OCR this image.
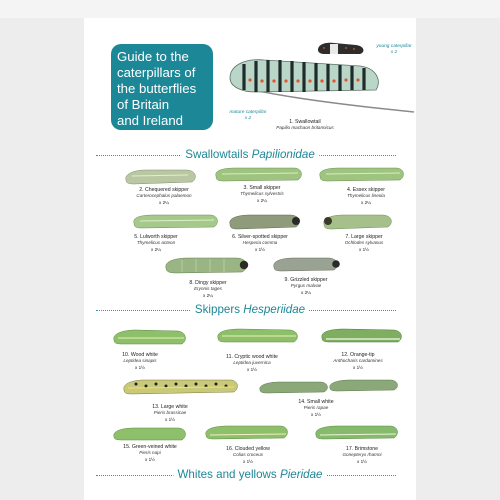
Guide to the
caterpillars of
the butterflies
of Britain
and Ireland
young caterpillar
x 2
mature caterpillar
x 2
1. Swallowtail
Papilio machaon britannicus
Swallowtails Papilionidae
2. Chequered skipper
Carterocephalus palaemon
x 2¼
3. Small skipper
Thymelicus sylvestris
x 2¼
4. Essex skipper
Thymelicus lineola
x 2¼
5. Lulworth skipper
Thymelicus acteon
x 2¼
6. Silver-spotted skipper
Hesperia comma
x 1½
7. Large skipper
Ochlodes sylvanus
x 1½
8. Dingy skipper
Erynnis tages
x 2¼
9. Grizzled skipper
Pyrgus malvae
x 2¼
Skippers Hesperiidae
10. Wood white
Leptidea sinapis
x 1½
11. Cryptic wood white
Leptidea juvernica
x 1½
12. Orange-tip
Anthocharis cardamines
x 1½
13. Large white
Pieris brassicae
x 1½
14. Small white
Pieris rapae
x 1½
15. Green-veined white
Pieris napi
x 1½
16. Clouded yellow
Colias croceus
x 1½
17. Brimstone
Gonepteryx rhamni
x 1½
Whites and yellows Pieridae
